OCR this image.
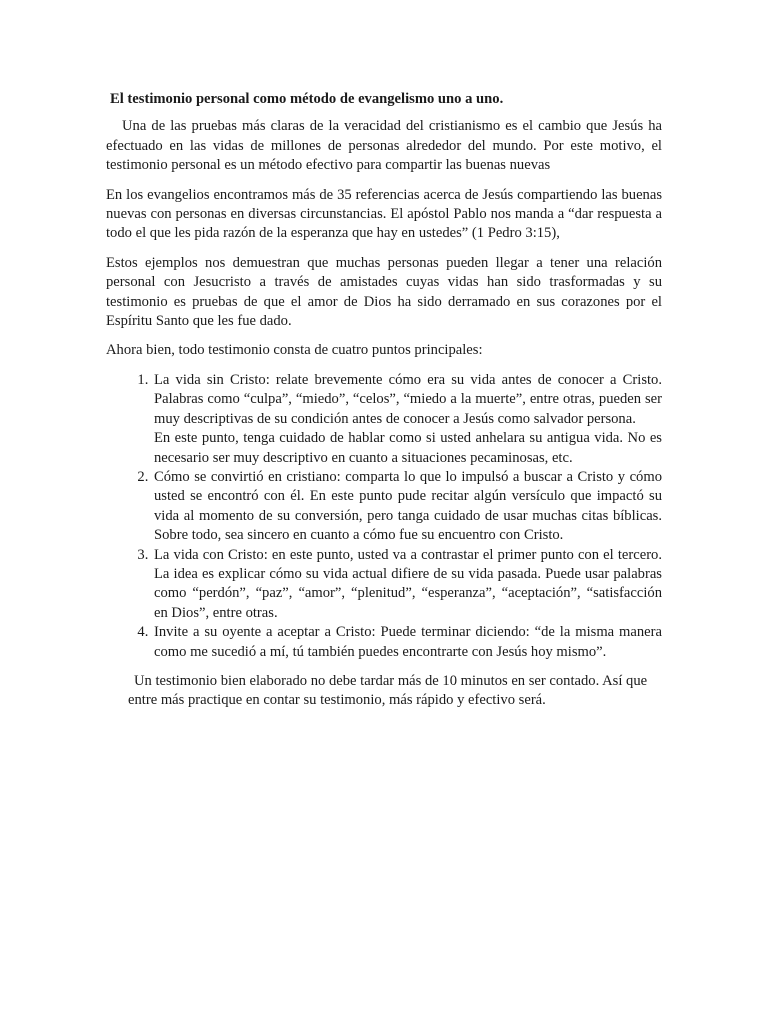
El testimonio personal como método de evangelismo uno a uno.

Una de las pruebas más claras de la veracidad del cristianismo es el cambio que Jesús ha efectuado en las vidas de millones de personas alrededor del mundo. Por este motivo, el testimonio personal es un método efectivo para compartir las buenas nuevas

En los evangelios encontramos más de 35 referencias acerca de Jesús compartiendo las buenas nuevas con personas en diversas circunstancias. El apóstol Pablo nos manda a “dar respuesta a todo el que les pida razón de la esperanza que hay en ustedes” (1 Pedro 3:15),

Estos ejemplos nos demuestran que muchas personas pueden llegar a tener una relación personal con Jesucristo a través de amistades cuyas vidas han sido trasformadas y su testimonio es pruebas de que el amor de Dios ha sido derramado en sus corazones por el Espíritu Santo que les fue dado.

Ahora bien, todo testimonio consta de cuatro puntos principales:

1. La vida sin Cristo: relate brevemente cómo era su vida antes de conocer a Cristo. Palabras como “culpa”, “miedo”, “celos”, “miedo a la muerte”, entre otras, pueden ser muy descriptivas de su condición antes de conocer a Jesús como salvador persona.
En este punto, tenga cuidado de hablar como si usted anhelara su antigua vida. No es necesario ser muy descriptivo en cuanto a situaciones pecaminosas, etc.
2. Cómo se convirtió en cristiano: comparta lo que lo impulsó a buscar a Cristo y cómo usted se encontró con él. En este punto pude recitar algún versículo que impactó su vida al momento de su conversión, pero tanga cuidado de usar muchas citas bíblicas. Sobre todo, sea sincero en cuanto a cómo fue su encuentro con Cristo.
3. La vida con Cristo: en este punto, usted va a contrastar el primer punto con el tercero. La idea es explicar cómo su vida actual difiere de su vida pasada. Puede usar palabras como “perdón”, “paz”, “amor”, “plenitud”, “esperanza”, “aceptación”, “satisfacción en Dios”, entre otras.
4. Invite a su oyente a aceptar a Cristo: Puede terminar diciendo: “de la misma manera como me sucedió a mí, tú también puedes encontrarte con Jesús hoy mismo”.

Un testimonio bien elaborado no debe tardar más de 10 minutos en ser contado. Así que entre más practique en contar su testimonio, más rápido y efectivo será.
